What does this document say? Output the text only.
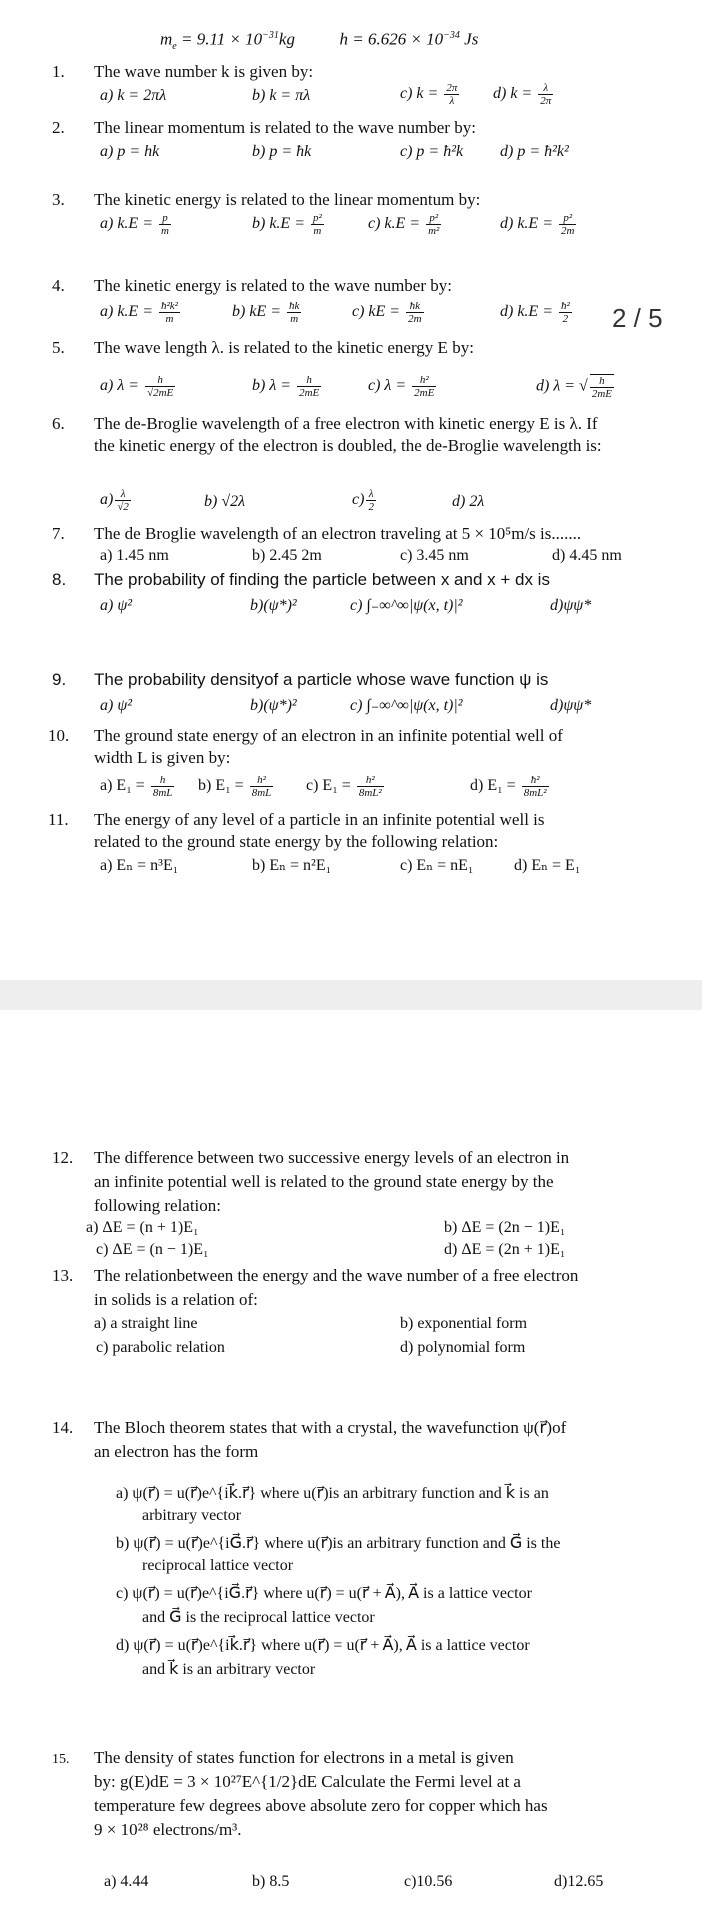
$m_e = 9.11 \times 10^{-31}kg$	$h = 6.626 \times 10^{-34}$ Js
1. The wave number k is given by:
a) k = 2πλ	b) k = πλ	c) $k = \frac{2\pi}{\lambda} d$) $k = \frac{\lambda}{2\pi}$
2. The linear momentum is related to the wave number by:
a) p = hk	b) p = ħk	c) p = ħ²k d) p = ħ²k²
3. The kinetic energy is related to the linear momentum by:
a) $k.E = \frac{p}{m}$	b) $k.E = \frac{\text{p²}}{m}$	c) $k.E = \frac{\text{p²}}{\text{m²}}$	d) $k.E = \frac{\text{p²}}{2m}$
4. The kinetic energy is related to the wave number by:
a) $k.E = \frac{\text{ħ²k²}}{m}$	b) kE = $\frac{ħk}{m}$	c) kE = $\frac{ħk}{2m}$	d) $k.E = \frac{\text{ħ²}}{2} 2 / 5$
5. The wave length λ. is related to the kinetic energy E by:
a) $\lambda = \frac{h}{√2mE}$	b) $\lambda = \frac{h}{2mE}$	c) $\lambda = \frac{\text{h²}}{2mE}$	d) λ = √ $\frac{h}{2mE}$
6. The de-Broglie wavelength of a free electron with kinetic energy E is λ. If
the kinetic energy of the electron is doubled, the de-Broglie wavelength is:
$a) \frac{\lambda}{√2}$	b) √2λ	$c) \frac{\lambda}{2}$	d) 2λ
7. The de Broglie wavelength of an electron traveling at 5 × 10⁵m/s is.......
a) 1.45 nm	b) 2.45 2m	c) 3.45 nm	d) 4.45 nm
8. The probability of finding the particle between x and x + dx is
a) ψ²	b)(ψ*)²	c) ∫₋∞^∞|ψ(x, t)|²	d)ψψ*
9. The probability densityof a particle whose wave function ψ is
a) ψ²	b)(ψ*)²	c) ∫₋∞^∞|ψ(x, t)|²	d)ψψ*
10. The ground state energy of an electron in an infinite potential well of
width L is given by:
a) $E_1 = \frac{h}{8mL} b$) $E_1 = \frac{\text{h²}}{8mL} c$) $E_1 = \frac{\text{h²}}{\text{8mL²}}$	d) $E_1 = \frac{\text{ħ²}}{\text{8mL²}}$
11. The energy of any level of a particle in an infinite potential well is
related to the ground state energy by the following relation:
a) Eₙ = n³E₁	b) Eₙ = n²E₁	c) Eₙ = nE₁	d) Eₙ = E₁
12. The difference between two successive energy levels of an electron in
an infinite potential well is related to the ground state energy by the
following relation:
a) ΔE = (n + 1)E₁	b) ΔE = (2n − 1)E₁
c) ΔE = (n − 1)E₁	d) ΔE = (2n + 1)E₁
13. The relationbetween the energy and the wave number of a free electron
in solids is a relation of:
a) a straight line	b) exponential form
c) parabolic relation	d) polynomial form
14. The Bloch theorem states that with a crystal, the wavefunction ψ(r⃗)of
an electron has the form
a) ψ(r⃗) = u(r⃗)e^{ik⃗.r⃗} where u(r⃗)is an arbitrary function and k⃗ is an
arbitrary vector
b) ψ(r⃗) = u(r⃗)e^{iG⃗.r⃗} where u(r⃗)is an arbitrary function and G⃗ is the
reciprocal lattice vector
c) ψ(r⃗) = u(r⃗)e^{iG⃗.r⃗} where u(r⃗) = u(r⃗ + A⃗), A⃗ is a lattice vector
and G⃗ is the reciprocal lattice vector
d) ψ(r⃗) = u(r⃗)e^{ik⃗.r⃗} where u(r⃗) = u(r⃗ + A⃗), A⃗ is a lattice vector
and k⃗ is an arbitrary vector
15. The density of states function for electrons in a metal is given
by: g(E)dE = 3 × 10²⁷E^{1/2}dE Calculate the Fermi level at a
temperature few degrees above absolute zero for copper which has
9 × 10²⁸ electrons/m³.
a) 4.44	b) 8.5	c)10.56	d)12.65
